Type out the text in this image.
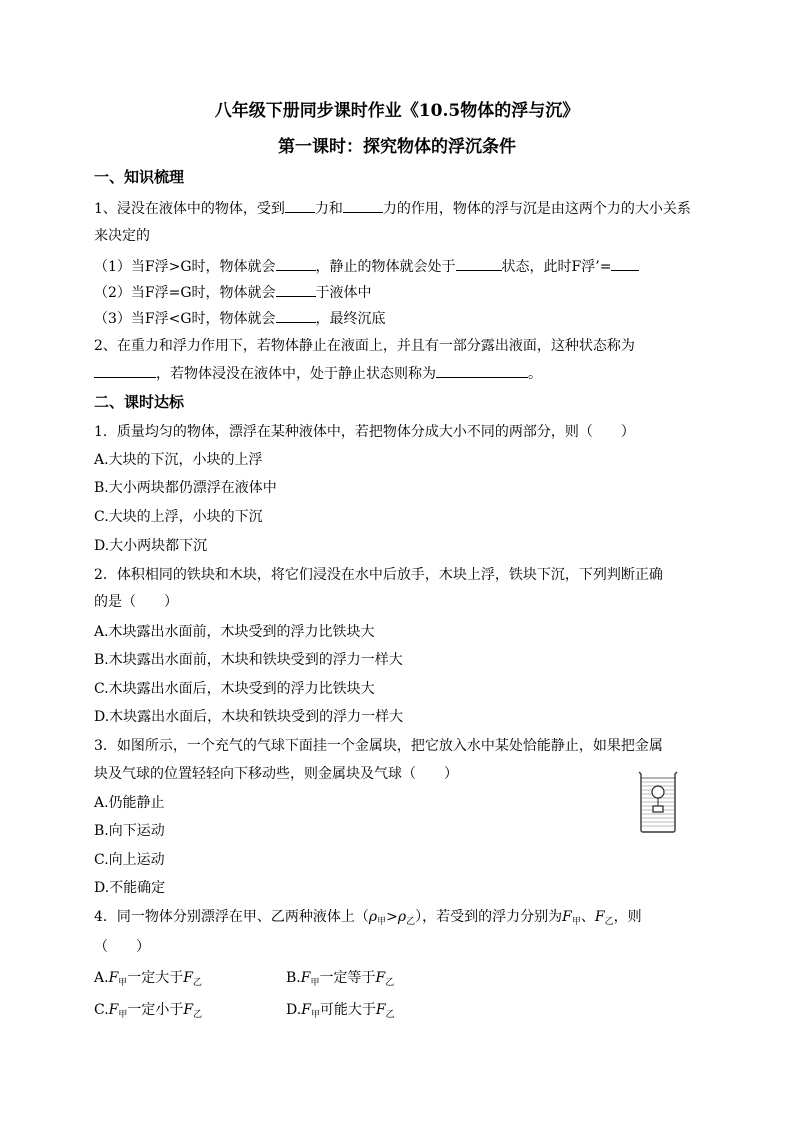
八年级下册同步课时作业《10.5物体的浮与沉》
第一课时：探究物体的浮沉条件
一、知识梳理
1、浸没在液体中的物体，受到 力和	力的作用，物体的浮与沉是由这两个力的大小关系
来决定的
（1）当F浮>G时，物体就会	，静止的物体就会处于	状态，此时F浮’=
（2）当F浮=G时，物体就会	于液体中
（3）当F浮<G时，物体就会	，最终沉底
2、在重力和浮力作用下，若物体静止在液面上，并且有一部分露出液面，这种状态称为
，若物体浸没在液体中，处于静止状态则称为	。
二、课时达标
1．质量均匀的物体，漂浮在某种液体中，若把物体分成大小不同的两部分，则（　　）
A.大块的下沉，小块的上浮
B.大小两块都仍漂浮在液体中
C.大块的上浮，小块的下沉
D.大小两块都下沉
2．体积相同的铁块和木块，将它们浸没在水中后放手，木块上浮，铁块下沉，下列判断正确
的是（　　）
A.木块露出水面前，木块受到的浮力比铁块大
B.木块露出水面前，木块和铁块受到的浮力一样大
C.木块露出水面后，木块受到的浮力比铁块大
D.木块露出水面后，木块和铁块受到的浮力一样大
3．如图所示，一个充气的气球下面挂一个金属块，把它放入水中某处恰能静止，如果把金属
块及气球的位置轻轻向下移动些，则金属块及气球（　　）
A.仍能静止
B.向下运动
C.向上运动
D.不能确定
4．同一物体分别漂浮在甲、乙两种液体上$(\rho_甲>\rho_乙)$，若受到的浮力分别为$F_甲$、$F_乙$，则
（　　）
$A.F_甲$一定大于$F_乙$	$B.F_甲$一定等于$F_乙$
$C.F_甲$一定小于$F_乙$	$D.F_甲$可能大于$F_乙$
